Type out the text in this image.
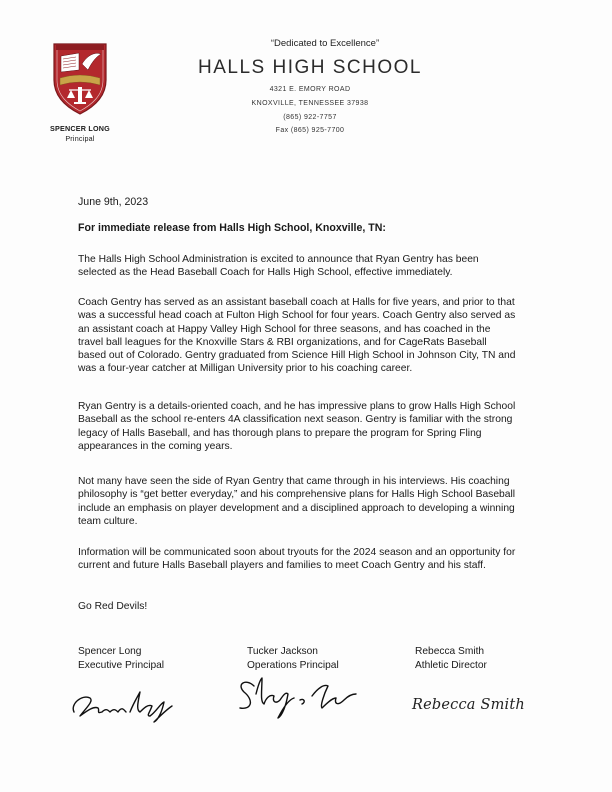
SPENCER LONG
Principal
“Dedicated to Excellence”
HALLS HIGH SCHOOL
4321 E. EMORY ROAD
KNOXVILLE, TENNESSEE 37938
(865) 922-7757
Fax (865) 925-7700
June 9th, 2023
For immediate release from Halls High School, Knoxville, TN:
The Halls High School Administration is excited to announce that Ryan Gentry has been
selected as the Head Baseball Coach for Halls High School, effective immediately.
Coach Gentry has served as an assistant baseball coach at Halls for five years, and prior to that
was a successful head coach at Fulton High School for four years. Coach Gentry also served as
an assistant coach at Happy Valley High School for three seasons, and has coached in the
travel ball leagues for the Knoxville Stars & RBI organizations, and for CageRats Baseball
based out of Colorado. Gentry graduated from Science Hill High School in Johnson City, TN and
was a four-year catcher at Milligan University prior to his coaching career.
Ryan Gentry is a details-oriented coach, and he has impressive plans to grow Halls High School
Baseball as the school re-enters 4A classification next season. Gentry is familiar with the strong
legacy of Halls Baseball, and has thorough plans to prepare the program for Spring Fling
appearances in the coming years.
Not many have seen the side of Ryan Gentry that came through in his interviews. His coaching
philosophy is “get better everyday,” and his comprehensive plans for Halls High School Baseball
include an emphasis on player development and a disciplined approach to developing a winning
team culture.
Information will be communicated soon about tryouts for the 2024 season and an opportunity for
current and future Halls Baseball players and families to meet Coach Gentry and his staff.
Go Red Devils!
Spencer Long
Executive Principal
Tucker Jackson
Operations Principal
Rebecca Smith
Athletic Director
Rebecca Smith
